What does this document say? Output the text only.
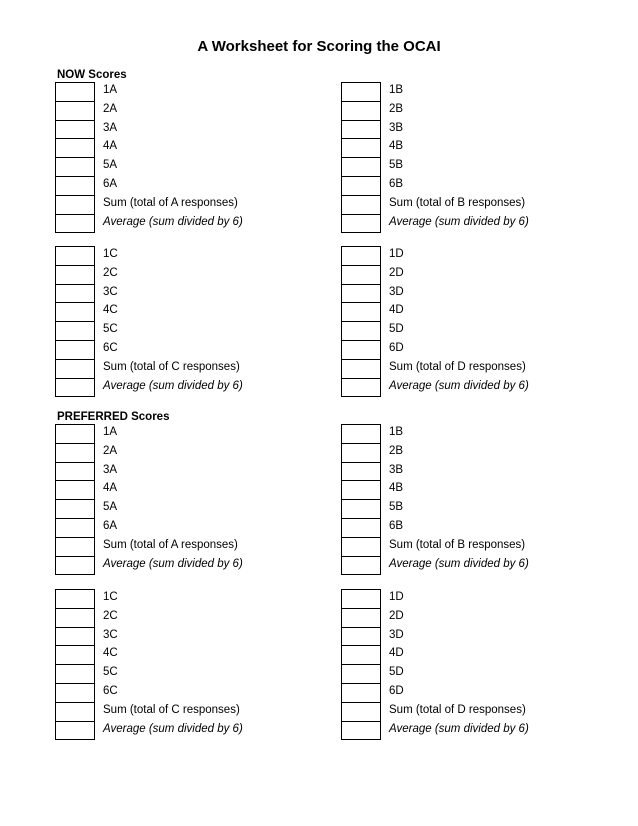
A Worksheet for Scoring the OCAI
NOW Scores
1A
2A
3A
4A
5A
6A
Sum (total of A responses)
Average (sum divided by 6)
1B
2B
3B
4B
5B
6B
Sum (total of B responses)
Average (sum divided by 6)
1C
2C
3C
4C
5C
6C
Sum (total of C responses)
Average (sum divided by 6)
1D
2D
3D
4D
5D
6D
Sum (total of D responses)
Average (sum divided by 6)
PREFERRED Scores
1A
2A
3A
4A
5A
6A
Sum (total of A responses)
Average (sum divided by 6)
1B
2B
3B
4B
5B
6B
Sum (total of B responses)
Average (sum divided by 6)
1C
2C
3C
4C
5C
6C
Sum (total of C responses)
Average (sum divided by 6)
1D
2D
3D
4D
5D
6D
Sum (total of D responses)
Average (sum divided by 6)
